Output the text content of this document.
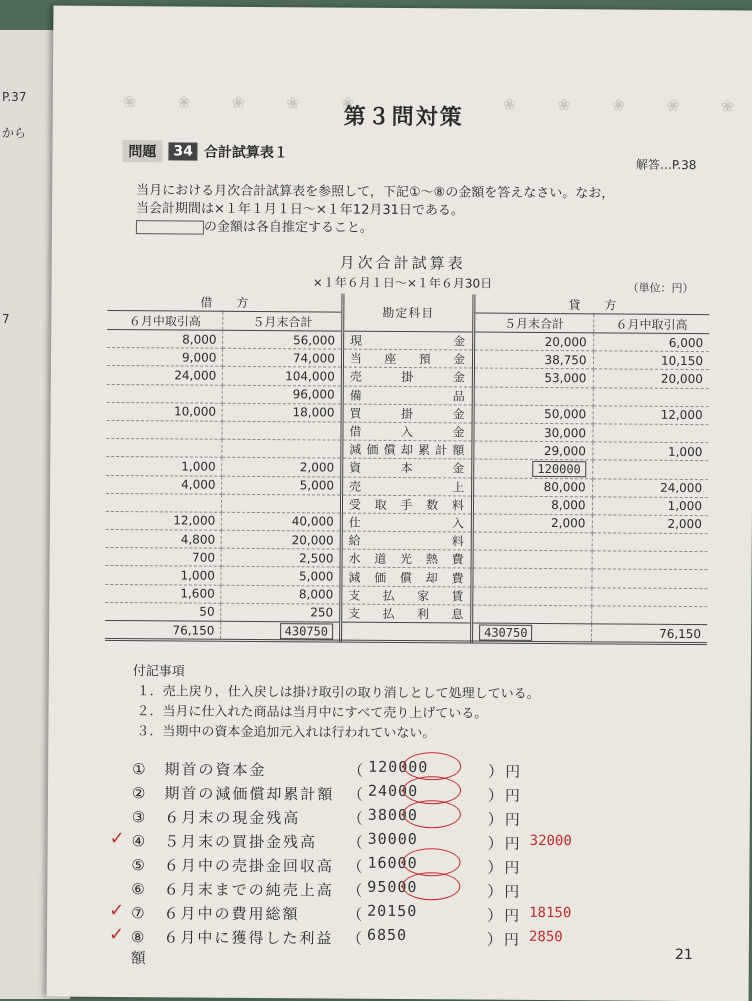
P.37
から
7
❀ ❀ ❀ ❀ ❀	❀ ❀ ❀ ❀ ❀
第３問対策
問題	34 合計試算表１
解答…P.38
当月における月次合計試算表を参照して，下記①～⑧の金額を答えなさい。なお，
当会計期間は×１年１月１日～×１年12月31日である。
の金額は各自推定すること。
月次合計試算表
×１年６月１日～×１年６月30日	（単位：円）
借　　方		勘定科目	貸　　方	
６月中取引高	５月末合計		５月末合計	６月中取引高
8,000	56,000	現金	20,000	6,000
9,000	74,000	当座預金	38,750	10,150
24,000	104,000	売掛金	53,000	20,000
	96,000	備品		
10,000	18,000	買掛金	50,000	12,000
		借入金	30,000	
		減価償却累計額	29,000	1,000
1,000	2,000	資本金	120000	
4,000	5,000	売上	80,000	24,000
		受取手数料	8,000	1,000
12,000	40,000	仕入	2,000	2,000
4,800	20,000	給料		
700	2,500	水道光熱費		
1,000	5,000	減価償却費		
1,600	8,000	支払家賃		
50	250	支払利息		
76,150	430750		430750	76,150
付記事項
１．売上戻り，仕入戻しは掛け取引の取り消しとして処理している。
２．当月に仕入れた商品は当月中にすべて売り上げている。
３．当期中の資本金追加元入れは行われていない。
①　期首の資本金	（ 120000	）円
②　期首の減価償却累計額 （ 24000	）円
③　６月末の現金残高	（ 38000	）円
④　５月末の買掛金残高	（ 30000	）円 32000
✓
⑤　６月中の売掛金回収高 （ 16000	）円
⑥　６月末までの純売上高 （ 95000	）円
⑦　６月中の費用総額	（ 20150	）円 18150
✓
⑧　６月中に獲得した利益額
（ 6850	）円 2850
✓
21
